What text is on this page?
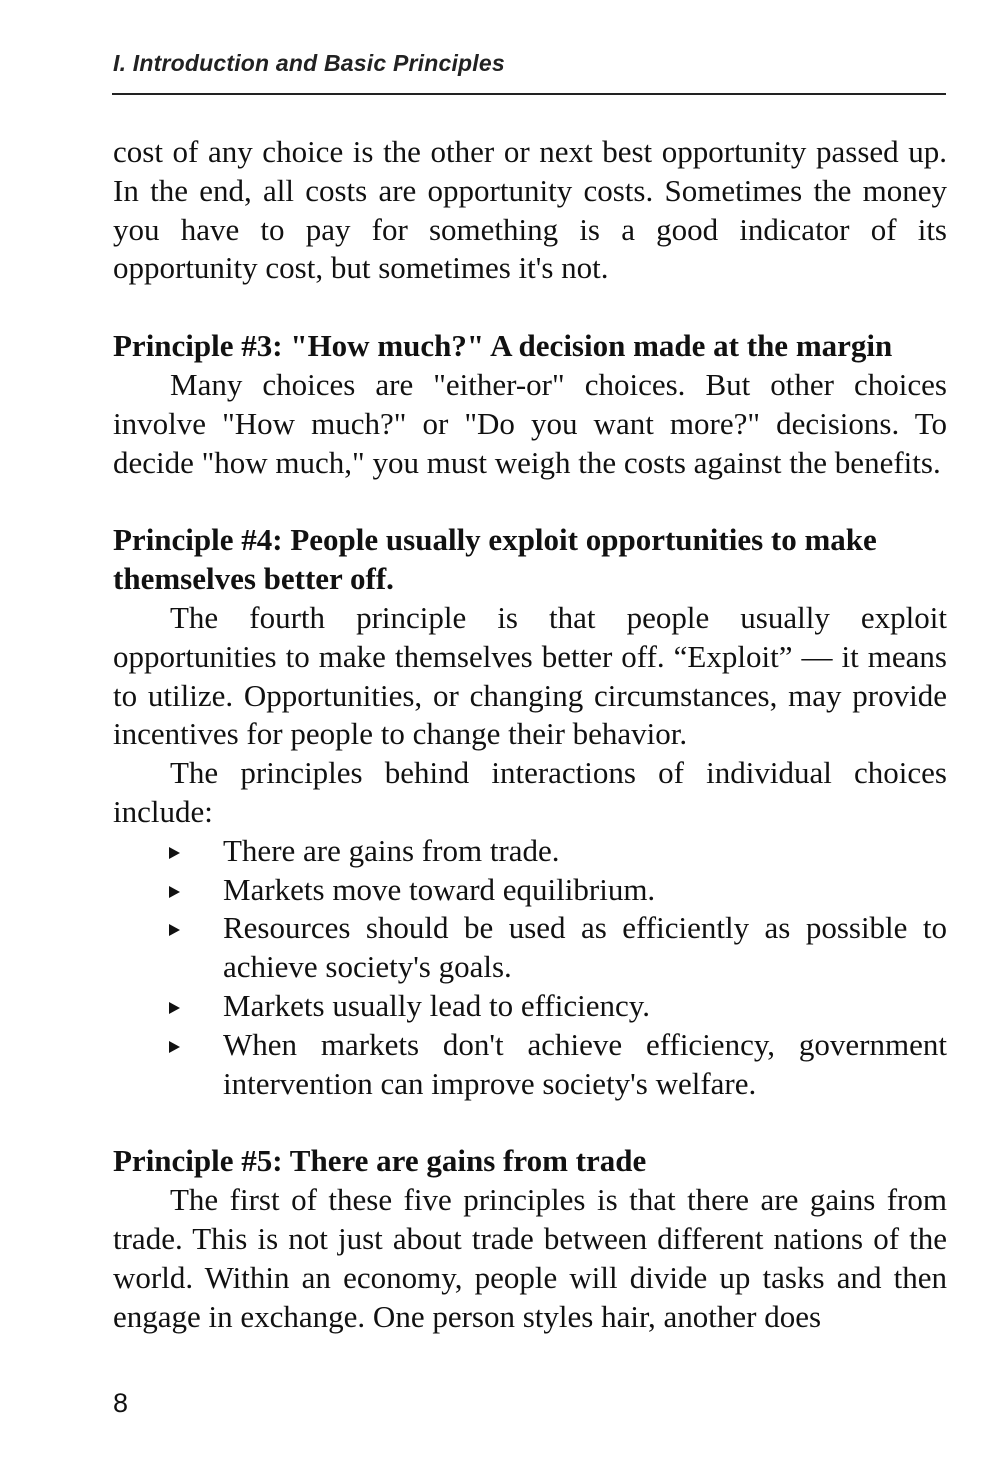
I. Introduction and Basic Principles

cost of any choice is the other or next best opportunity passed up. In the end, all costs are opportunity costs. Sometimes the money you have to pay for something is a good indicator of its opportunity cost, but sometimes it's not.

Principle #3: "How much?" A decision made at the margin

Many choices are "either-or" choices. But other choices involve "How much?" or "Do you want more?" decisions. To decide "how much," you must weigh the costs against the benefits.

Principle #4: People usually exploit opportunities to make themselves better off.

The fourth principle is that people usually exploit opportunities to make themselves better off. “Exploit” — it means to utilize. Opportunities, or changing circumstances, may provide incentives for people to change their behavior.

The principles behind interactions of individual choices include:

There are gains from trade.
Markets move toward equilibrium.
Resources should be used as efficiently as possible to achieve society's goals.
Markets usually lead to efficiency.
When markets don't achieve efficiency, government intervention can improve society's welfare.
Principle #5: There are gains from trade

The first of these five principles is that there are gains from trade. This is not just about trade between different nations of the world. Within an economy, people will divide up tasks and then engage in exchange. One person styles hair, another does

8
